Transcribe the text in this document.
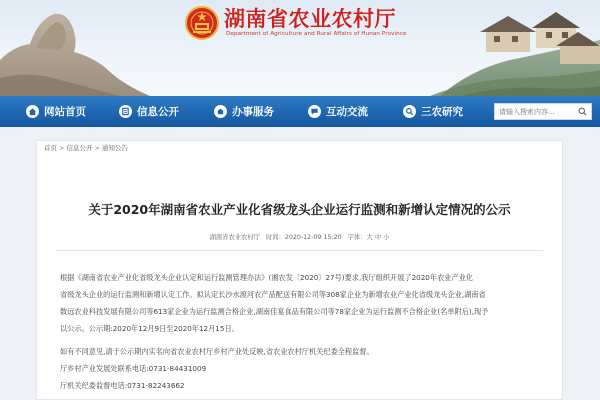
湖南省农业农村厅
Department of Agriculture and Rural Affairs of Hunan Province
网站首页	信息公开	办事服务	互动交流	三农研究
请输入搜索内容...
首页 > 信息公开 > 通知公告
关于2020年湖南省农业产业化省级龙头企业运行监测和新增认定情况的公示
湖南省农业农村厅 时间：2020-12-09 15:20 字体：大 中 小
根据《湖南省农业产业化省级龙头企业认定和运行监测管理办法》(湘农发〔2020〕27号)要求,我厅组织开展了2020年农业产业化
省级龙头企业的运行监测和新增认定工作。拟认定长沙水渡河农产品配送有限公司等308家企业为新增农业产业化省级龙头企业,湖南省
数远农业科技发展有限公司等613家企业为运行监测合格企业,湖南佳宴食品有限公司等78家企业为运行监测不合格企业(名单附后),现予
以公示。公示期:2020年12月9日至2020年12月15日。
如有不同意见,请于公示期内实名向省农业农村厅乡村产业处反映,省农业农村厅机关纪委全程监督。
厅乡村产业发展处联系电话:0731-84431009
厅机关纪委监督电话:0731-82243662
